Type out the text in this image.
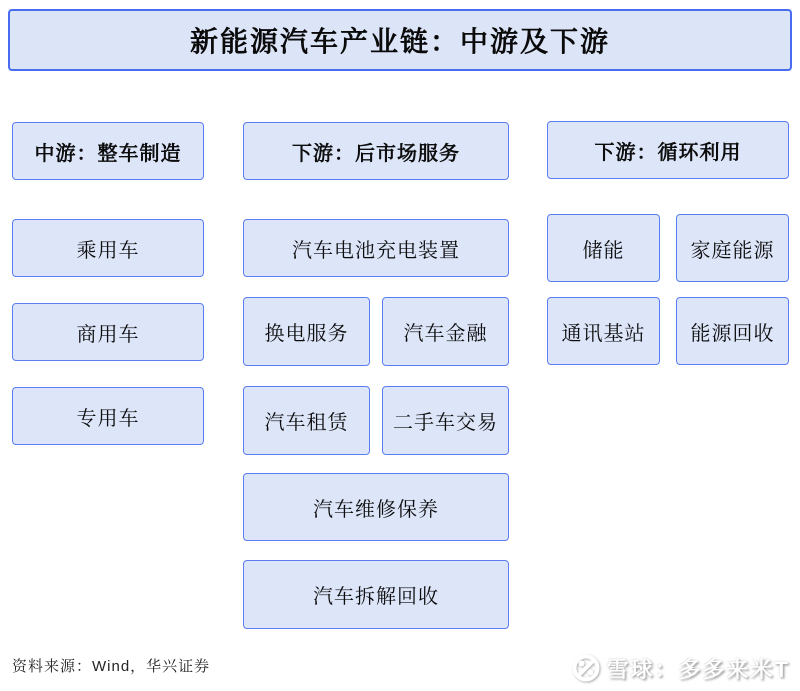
新能源汽车产业链：中游及下游
中游：整车制造
乘用车
商用车
专用车
下游：后市场服务
汽车电池充电装置
换电服务	汽车金融
汽车租赁	二手车交易
汽车维修保养
汽车拆解回收
下游：循环利用
储能	家庭能源
通讯基站	能源回收
资料来源：Wind，华兴证券	雪球：多多来米T
